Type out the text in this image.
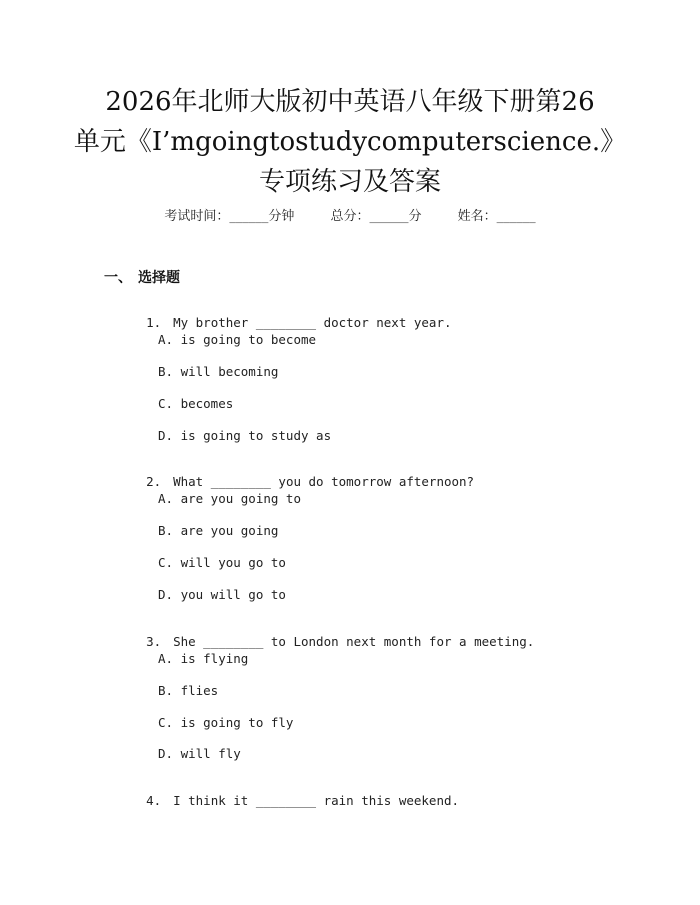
2026年北师大版初中英语八年级下册第26
单元《I’mgoingtostudycomputerscience.》
专项练习及答案
考试时间：______分钟	总分：______分	姓名：______
一、 选择题

1. My brother ________ doctor next year.

A. is going to become
B. will becoming
C. becomes
D. is going to study as

2. What ________ you do tomorrow afternoon?

A. are you going to
B. are you going
C. will you go to
D. you will go to

3. She ________ to London next month for a meeting.

A. is flying
B. flies
C. is going to fly
D. will fly

4. I think it ________ rain this weekend.
